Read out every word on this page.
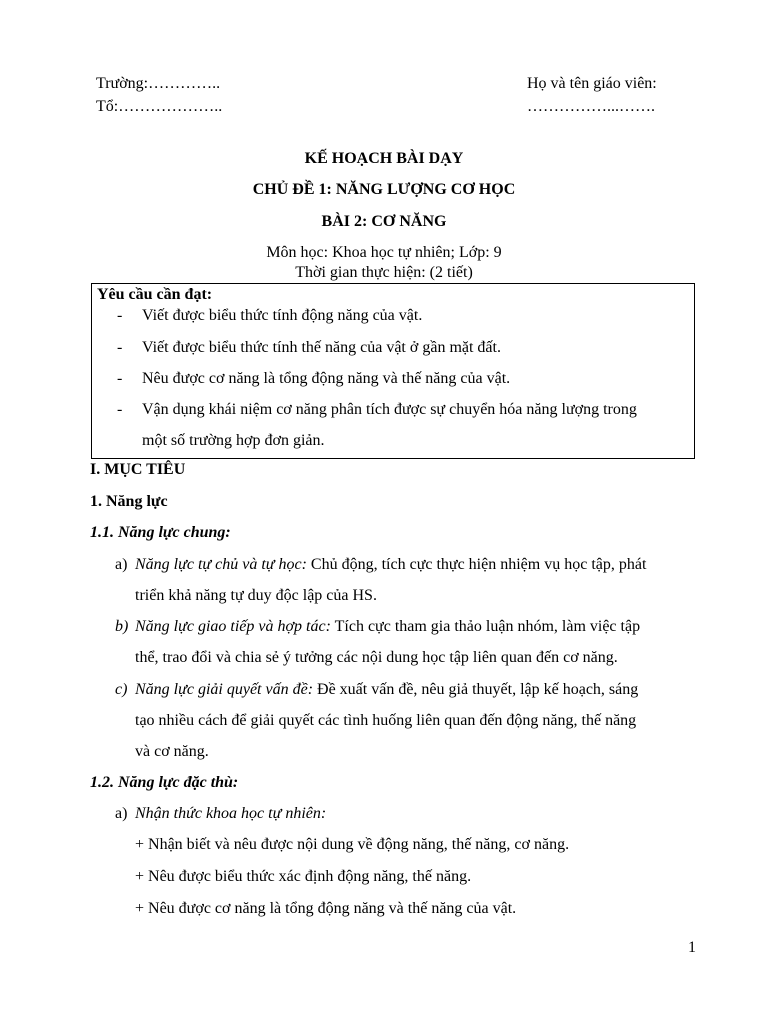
Trường:…………..
Tổ:………………..
Họ và tên giáo viên:
……………...…….
KẾ HOẠCH BÀI DẠY
CHỦ ĐỀ 1: NĂNG LƯỢNG CƠ HỌC
BÀI 2: CƠ NĂNG
Môn học: Khoa học tự nhiên; Lớp: 9
Thời gian thực hiện: (2 tiết)
Yêu cầu cần đạt:
- Viết được biểu thức tính động năng của vật.
- Viết được biểu thức tính thế năng của vật ở gần mặt đất.
- Nêu được cơ năng là tổng động năng và thế năng của vật.
- Vận dụng khái niệm cơ năng phân tích được sự chuyển hóa năng lượng trong
một số trường hợp đơn giản.
I. MỤC TIÊU
1. Năng lực
1.1. Năng lực chung:
a) Năng lực tự chủ và tự học: Chủ động, tích cực thực hiện nhiệm vụ học tập, phát
triển khả năng tự duy độc lập của HS.
b) Năng lực giao tiếp và hợp tác: Tích cực tham gia thảo luận nhóm, làm việc tập
thể, trao đổi và chia sẻ ý tưởng các nội dung học tập liên quan đến cơ năng.
c) Năng lực giải quyết vấn đề: Đề xuất vấn đề, nêu giả thuyết, lập kế hoạch, sáng
tạo nhiều cách để giải quyết các tình huống liên quan đến động năng, thế năng
và cơ năng.
1.2. Năng lực đặc thù:
a) Nhận thức khoa học tự nhiên:
+ Nhận biết và nêu được nội dung về động năng, thế năng, cơ năng.
+ Nêu được biểu thức xác định động năng, thế năng.
+ Nêu được cơ năng là tổng động năng và thế năng của vật.
1
